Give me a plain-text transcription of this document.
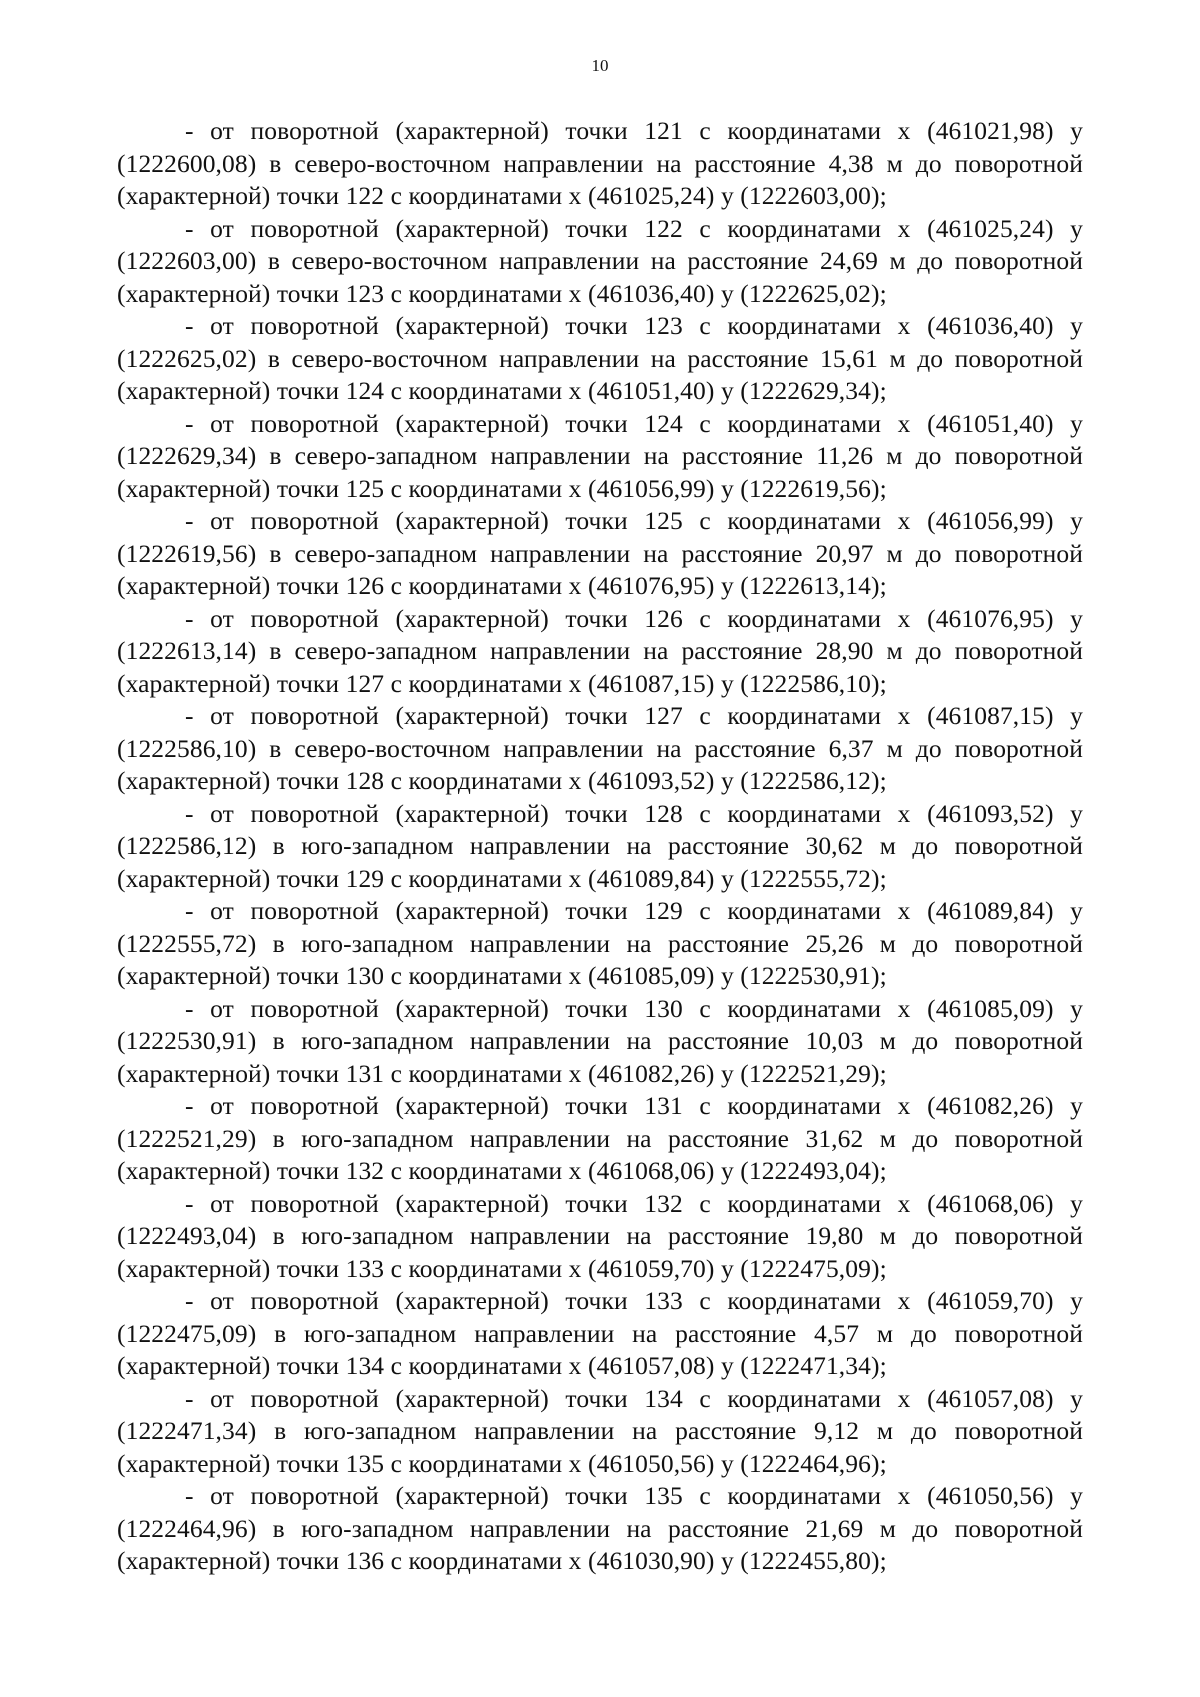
10

- от поворотной (характерной) точки 121 с координатами х (461021,98) у (1222600,08) в северо-восточном направлении на расстояние 4,38 м до поворотной (характерной) точки 122 с координатами х (461025,24) у (1222603,00);

- от поворотной (характерной) точки 122 с координатами х (461025,24) у (1222603,00) в северо-восточном направлении на расстояние 24,69 м до поворотной (характерной) точки 123 с координатами х (461036,40) у (1222625,02);

- от поворотной (характерной) точки 123 с координатами х (461036,40) у (1222625,02) в северо-восточном направлении на расстояние 15,61 м до поворотной (характерной) точки 124 с координатами х (461051,40) у (1222629,34);

- от поворотной (характерной) точки 124 с координатами х (461051,40) у (1222629,34) в северо-западном направлении на расстояние 11,26 м до поворотной (характерной) точки 125 с координатами х (461056,99) у (1222619,56);

- от поворотной (характерной) точки 125 с координатами х (461056,99) у (1222619,56) в северо-западном направлении на расстояние 20,97 м до поворотной (характерной) точки 126 с координатами х (461076,95) у (1222613,14);

- от поворотной (характерной) точки 126 с координатами х (461076,95) у (1222613,14) в северо-западном направлении на расстояние 28,90 м до поворотной (характерной) точки 127 с координатами х (461087,15) у (1222586,10);

- от поворотной (характерной) точки 127 с координатами х (461087,15) у (1222586,10) в северо-восточном направлении на расстояние 6,37 м до поворотной (характерной) точки 128 с координатами х (461093,52) у (1222586,12);

- от поворотной (характерной) точки 128 с координатами х (461093,52) у (1222586,12) в юго-западном направлении на расстояние 30,62 м до поворотной (характерной) точки 129 с координатами х (461089,84) у (1222555,72);

- от поворотной (характерной) точки 129 с координатами х (461089,84) у (1222555,72) в юго-западном направлении на расстояние 25,26 м до поворотной (характерной) точки 130 с координатами х (461085,09) у (1222530,91);

- от поворотной (характерной) точки 130 с координатами х (461085,09) у (1222530,91) в юго-западном направлении на расстояние 10,03 м до поворотной (характерной) точки 131 с координатами х (461082,26) у (1222521,29);

- от поворотной (характерной) точки 131 с координатами х (461082,26) у (1222521,29) в юго-западном направлении на расстояние 31,62 м до поворотной (характерной) точки 132 с координатами х (461068,06) у (1222493,04);

- от поворотной (характерной) точки 132 с координатами х (461068,06) у (1222493,04) в юго-западном направлении на расстояние 19,80 м до поворотной (характерной) точки 133 с координатами х (461059,70) у (1222475,09);

- от поворотной (характерной) точки 133 с координатами х (461059,70) у (1222475,09) в юго-западном направлении на расстояние 4,57 м до поворотной (характерной) точки 134 с координатами х (461057,08) у (1222471,34);

- от поворотной (характерной) точки 134 с координатами х (461057,08) у (1222471,34) в юго-западном направлении на расстояние 9,12 м до поворотной (характерной) точки 135 с координатами х (461050,56) у (1222464,96);

- от поворотной (характерной) точки 135 с координатами х (461050,56) у (1222464,96) в юго-западном направлении на расстояние 21,69 м до поворотной (характерной) точки 136 с координатами х (461030,90) у (1222455,80);
